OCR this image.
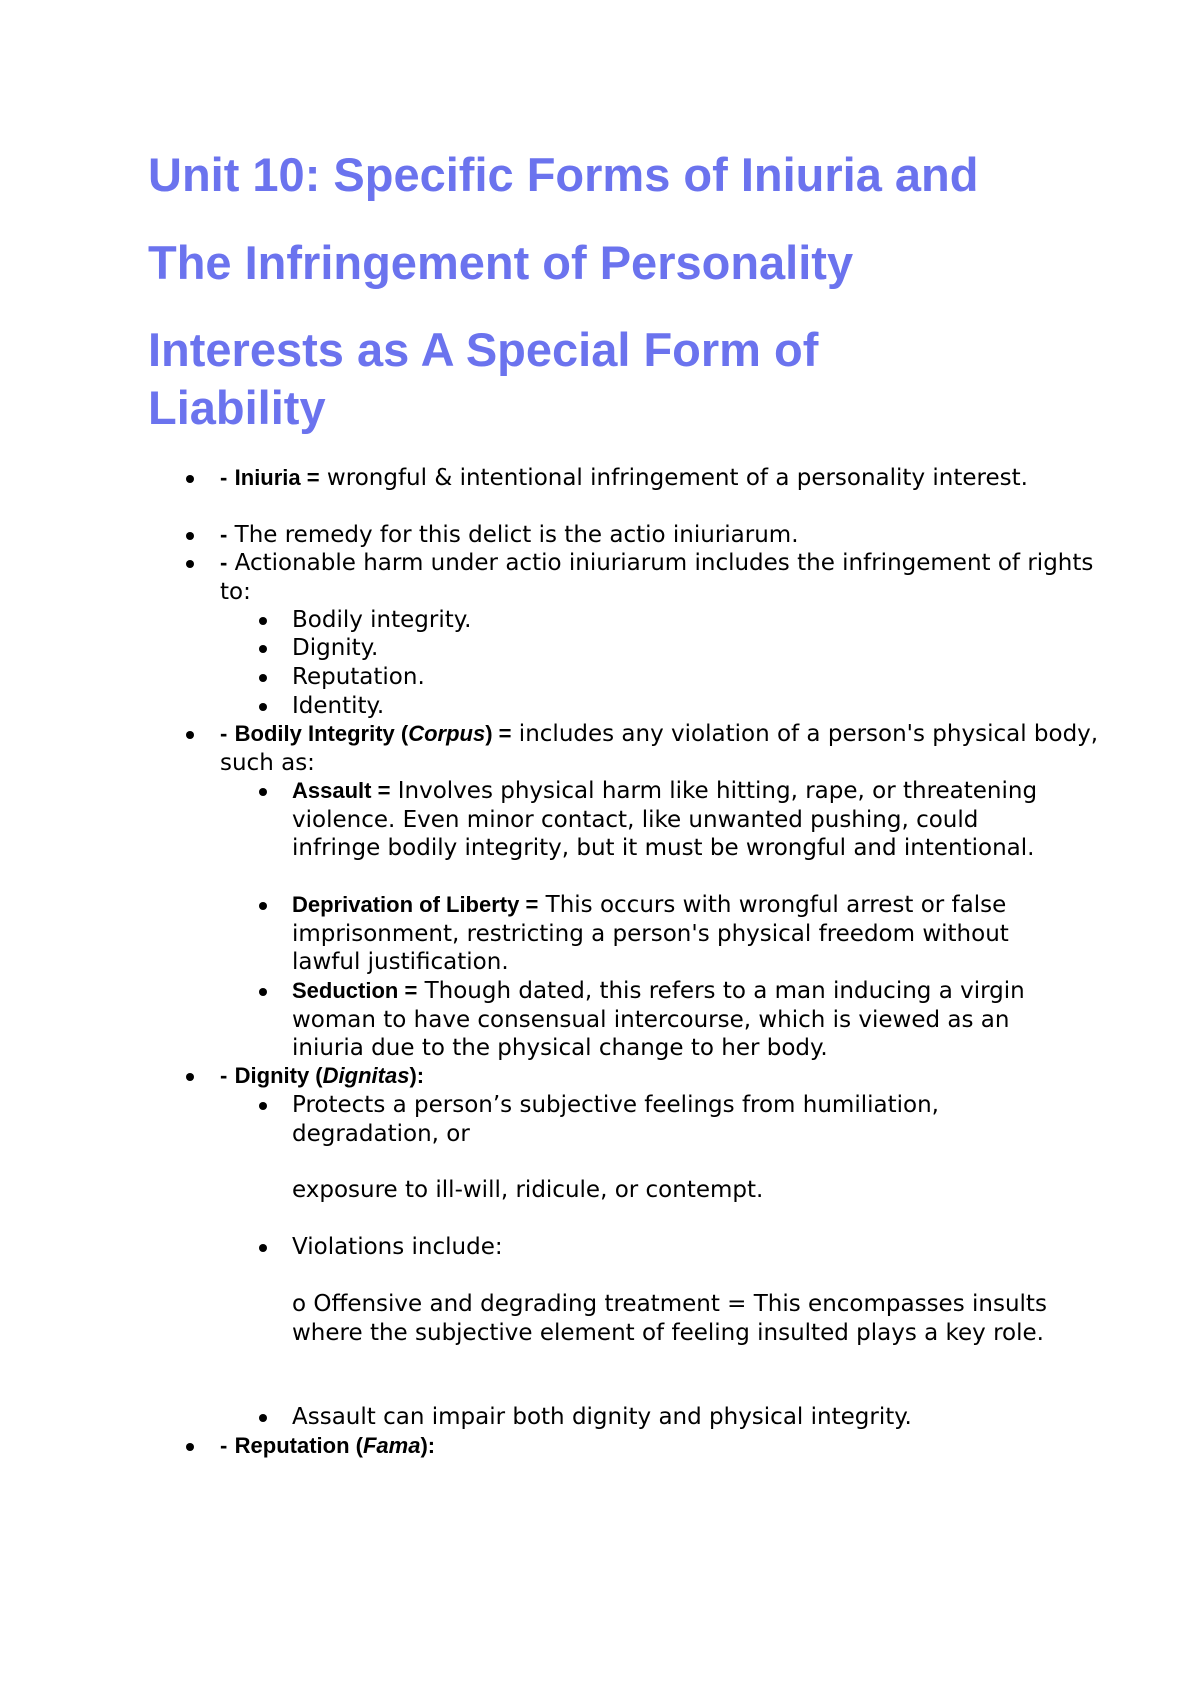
Unit 10: Specific Forms of Iniuria and
The Infringement of Personality
Interests as A Special Form of
Liability
- Iniuria = wrongful & intentional infringement of a personality interest.
- The remedy for this delict is the actio iniuriarum.
- Actionable harm under actio iniuriarum includes the infringement of rights to:
Bodily integrity.
Dignity.
Reputation.
Identity.
- Bodily Integrity (Corpus) = includes any violation of a person's physical body, such as:
Assault = Involves physical harm like hitting, rape, or threatening violence. Even minor contact, like unwanted pushing, could infringe bodily integrity, but it must be wrongful and intentional.
Deprivation of Liberty = This occurs with wrongful arrest or false imprisonment, restricting a person's physical freedom without lawful justification.
Seduction = Though dated, this refers to a man inducing a virgin woman to have consensual intercourse, which is viewed as an iniuria due to the physical change to her body.
- Dignity (Dignitas):
Protects a person’s subjective feelings from humiliation, degradation, or
exposure to ill-will, ridicule, or contempt.
Violations include:
o Offensive and degrading treatment = This encompasses insults where the subjective element of feeling insulted plays a key role.
Assault can impair both dignity and physical integrity.
- Reputation (Fama):
